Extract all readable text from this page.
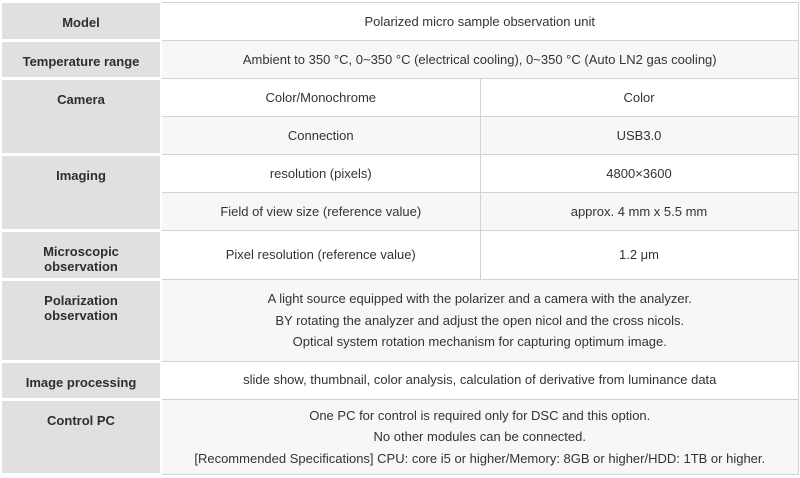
Model	Polarized micro sample observation unit	
Temperature range	Ambient to 350 °C, 0~350 °C (electrical cooling), 0~350 °C (Auto LN2 gas cooling)	
Camera	Color/Monochrome	Color
	Connection	USB3.0
Imaging	resolution (pixels)	4800×3600
	Field of view size (reference value)	approx. 4 mm x 5.5 mm
Microscopic observation	Pixel resolution (reference value)	1.2 μm
Polarization observation	A light source equipped with the polarizer and a camera with the analyzer.
BY rotating the analyzer and adjust the open nicol and the cross nicols.
Optical system rotation mechanism for capturing optimum image.	

Image processing	slide show, thumbnail, color analysis, calculation of derivative from luminance data	
Control PC	One PC for control is required only for DSC and this option.
No other modules can be connected.
[Recommended Specifications] CPU: core i5 or higher/Memory: 8GB or higher/HDD: 1TB or higher.	
